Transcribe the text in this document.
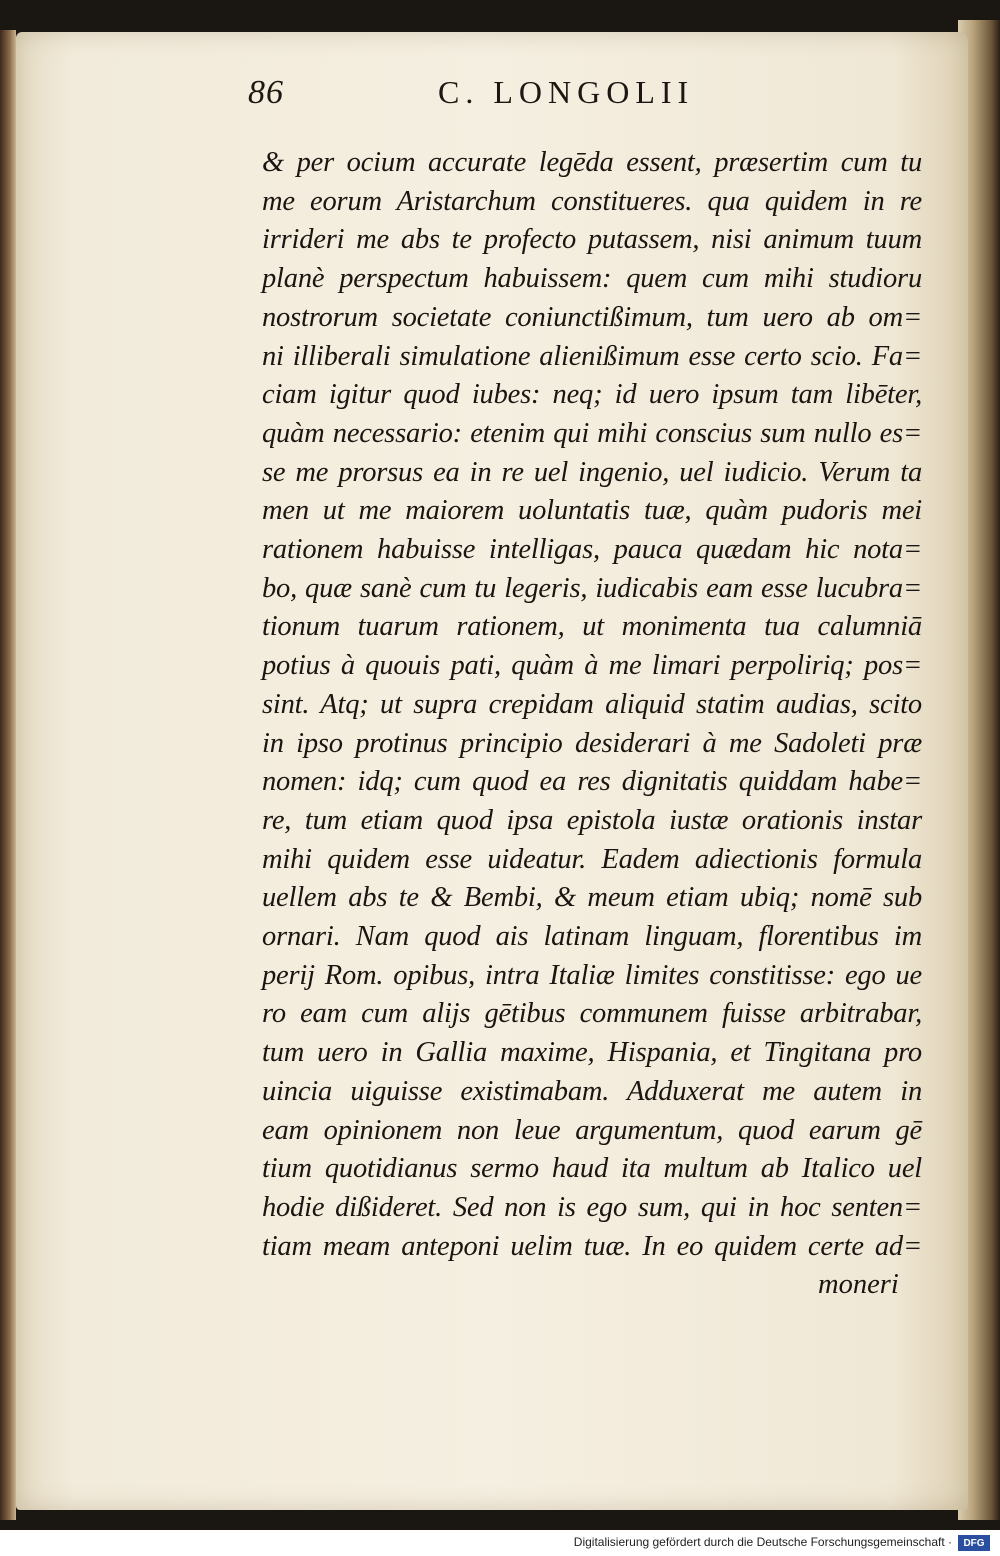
86	C. LONGOLII
& per ocium accurate legēda essent, præsertim cum tu
me eorum Aristarchum constitueres. qua quidem in re
irrideri me abs te profecto putassem, nisi animum tuum
planè perspectum habuissem: quem cum mihi studioru
nostrorum societate coniunctißimum, tum uero ab om=
ni illiberali simulatione alienißimum esse certo scio. Fa=
ciam igitur quod iubes: neq; id uero ipsum tam libēter,
quàm necessario: etenim qui mihi conscius sum nullo es=
se me prorsus ea in re uel ingenio, uel iudicio. Verum ta
men ut me maiorem uoluntatis tuæ, quàm pudoris mei
rationem habuisse intelligas, pauca quædam hic nota=
bo, quæ sanè cum tu legeris, iudicabis eam esse lucubra=
tionum tuarum rationem, ut monimenta tua calumniā
potius à quouis pati, quàm à me limari perpoliriq; pos=
sint. Atq; ut supra crepidam aliquid statim audias, scito
in ipso protinus principio desiderari à me Sadoleti præ
nomen: idq; cum quod ea res dignitatis quiddam habe=
re, tum etiam quod ipsa epistola iustæ orationis instar
mihi quidem esse uideatur. Eadem adiectionis formula
uellem abs te & Bembi, & meum etiam ubiq; nomē sub
ornari. Nam quod ais latinam linguam, florentibus im
perij Rom. opibus, intra Italiæ limites constitisse: ego ue
ro eam cum alijs gētibus communem fuisse arbitrabar,
tum uero in Gallia maxime, Hispania, et Tingitana pro
uincia uiguisse existimabam. Adduxerat me autem in
eam opinionem non leue argumentum, quod earum gē
tium quotidianus sermo haud ita multum ab Italico uel
hodie dißideret. Sed non is ego sum, qui in hoc senten=
tiam meam anteponi uelim tuæ. In eo quidem certe ad=
moneri
Digitalisierung gefördert durch die Deutsche Forschungsgemeinschaft ·	DFG
